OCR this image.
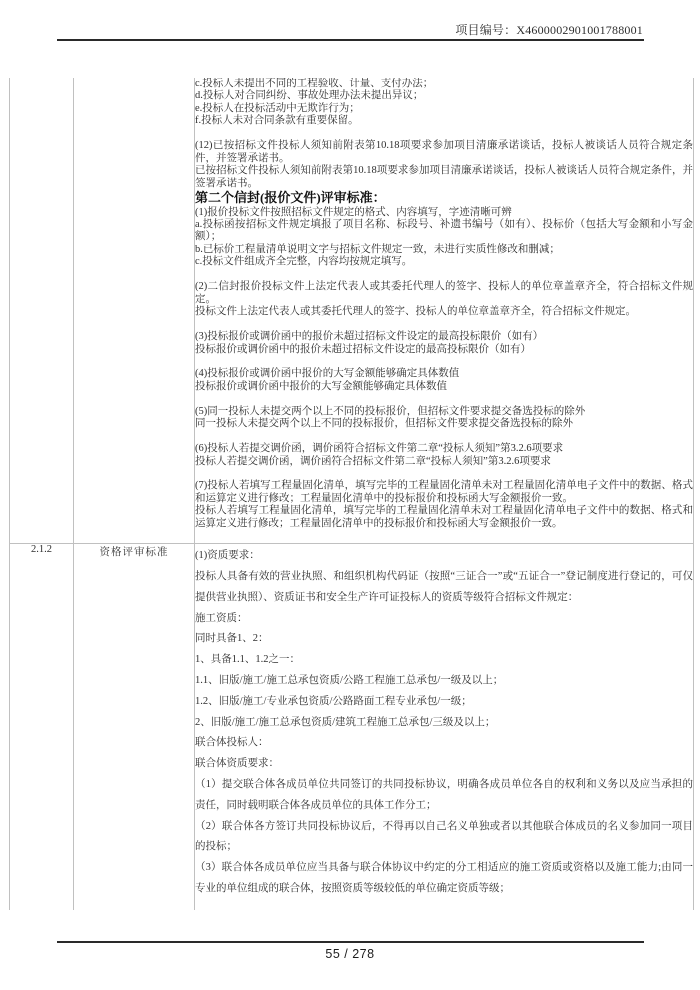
项目编号：X4600002901001788001

c.投标人未提出不同的工程验收、计量、支付办法；
d.投标人对合同纠纷、事故处理办法未提出异议；
e.投标人在投标活动中无欺诈行为；
f.投标人未对合同条款有重要保留。

(12)已按招标文件投标人须知前附表第10.18项要求参加项目清廉承诺谈话，投标人被谈话人员符合规定条件，并签署承诺书。
已按招标文件投标人须知前附表第10.18项要求参加项目清廉承诺谈话，投标人被谈话人员符合规定条件，并签署承诺书。
第二个信封(报价文件)评审标准：
(1)报价投标文件按照招标文件规定的格式、内容填写，字迹清晰可辨
a.投标函按招标文件规定填报了项目名称、标段号、补遗书编号（如有）、投标价（包括大写金额和小写金额）；
b.已标价工程量清单说明文字与招标文件规定一致，未进行实质性修改和删减；
c.投标文件组成齐全完整，内容均按规定填写。

(2)二信封报价投标文件上法定代表人或其委托代理人的签字、投标人的单位章盖章齐全，符合招标文件规定。
投标文件上法定代表人或其委托代理人的签字、投标人的单位章盖章齐全，符合招标文件规定。

(3)投标报价或调价函中的报价未超过招标文件设定的最高投标限价（如有）
投标报价或调价函中的报价未超过招标文件设定的最高投标限价（如有）

(4)投标报价或调价函中报价的大写金额能够确定具体数值
投标报价或调价函中报价的大写金额能够确定具体数值

(5)同一投标人未提交两个以上不同的投标报价，但招标文件要求提交备选投标的除外
同一投标人未提交两个以上不同的投标报价，但招标文件要求提交备选投标的除外

(6)投标人若提交调价函，调价函符合招标文件第二章“投标人须知”第3.2.6项要求
投标人若提交调价函，调价函符合招标文件第二章“投标人须知”第3.2.6项要求

(7)投标人若填写工程量固化清单，填写完毕的工程量固化清单未对工程量固化清单电子文件中的数据、格式和运算定义进行修改；工程量固化清单中的投标报价和投标函大写金额报价一致。
投标人若填写工程量固化清单，填写完毕的工程量固化清单未对工程量固化清单电子文件中的数据、格式和运算定义进行修改；工程量固化清单中的投标报价和投标函大写金额报价一致。

2.1.2	资格评审标准	(1)资质要求：
投标人具备有效的营业执照、和组织机构代码证（按照“三证合一”或“五证合一”登记制度进行登记的，可仅提供营业执照）、资质证书和安全生产许可证投标人的资质等级符合招标文件规定：
施工资质：
同时具备1、2：
1、具备1.1、1.2之一：
1.1、旧版/施工/施工总承包资质/公路工程施工总承包/一级及以上；
1.2、旧版/施工/专业承包资质/公路路面工程专业承包/一级；
2、旧版/施工/施工总承包资质/建筑工程施工总承包/三级及以上；
联合体投标人：
联合体资质要求：
（1）提交联合体各成员单位共同签订的共同投标协议，明确各成员单位各自的权利和义务以及应当承担的责任，同时载明联合体各成员单位的具体工作分工；
（2）联合体各方签订共同投标协议后，不得再以自己名义单独或者以其他联合体成员的名义参加同一项目的投标；
（3）联合体各成员单位应当具备与联合体协议中约定的分工相适应的施工资质或资格以及施工能力;由同一专业的单位组成的联合体，按照资质等级较低的单位确定资质等级；
55 / 278
